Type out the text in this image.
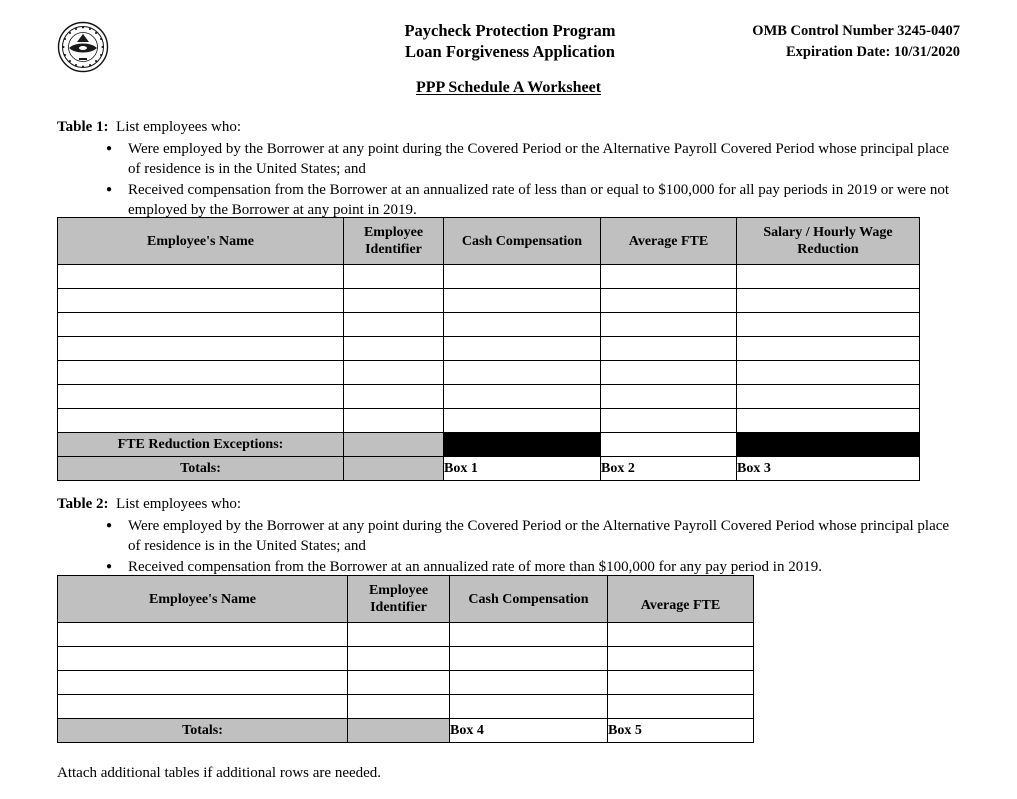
Paycheck Protection Program
Loan Forgiveness Application
OMB Control Number 3245-0407
Expiration Date: 10/31/2020
PPP Schedule A Worksheet

Table 1: List employees who:

● Were employed by the Borrower at any point during the Covered Period or the Alternative Payroll Covered Period whose principal place of residence is in the United States; and
● Received compensation from the Borrower at an annualized rate of less than or equal to $100,000 for all pay periods in 2019 or were not employed by the Borrower at any point in 2019.
Employee's Name	Employee Identifier	Cash Compensation	Average FTE	Salary / Hourly Wage Reduction

FTE Reduction Exceptions:				
Totals:		Box 1	Box 2	Box 3

Table 2: List employees who:

● Were employed by the Borrower at any point during the Covered Period or the Alternative Payroll Covered Period whose principal place of residence is in the United States; and
● Received compensation from the Borrower at an annualized rate of more than $100,000 for any pay period in 2019.
Employee's Name	Employee Identifier	Cash Compensation	Average FTE

Totals:		Box 4	Box 5
Attach additional tables if additional rows are needed.
